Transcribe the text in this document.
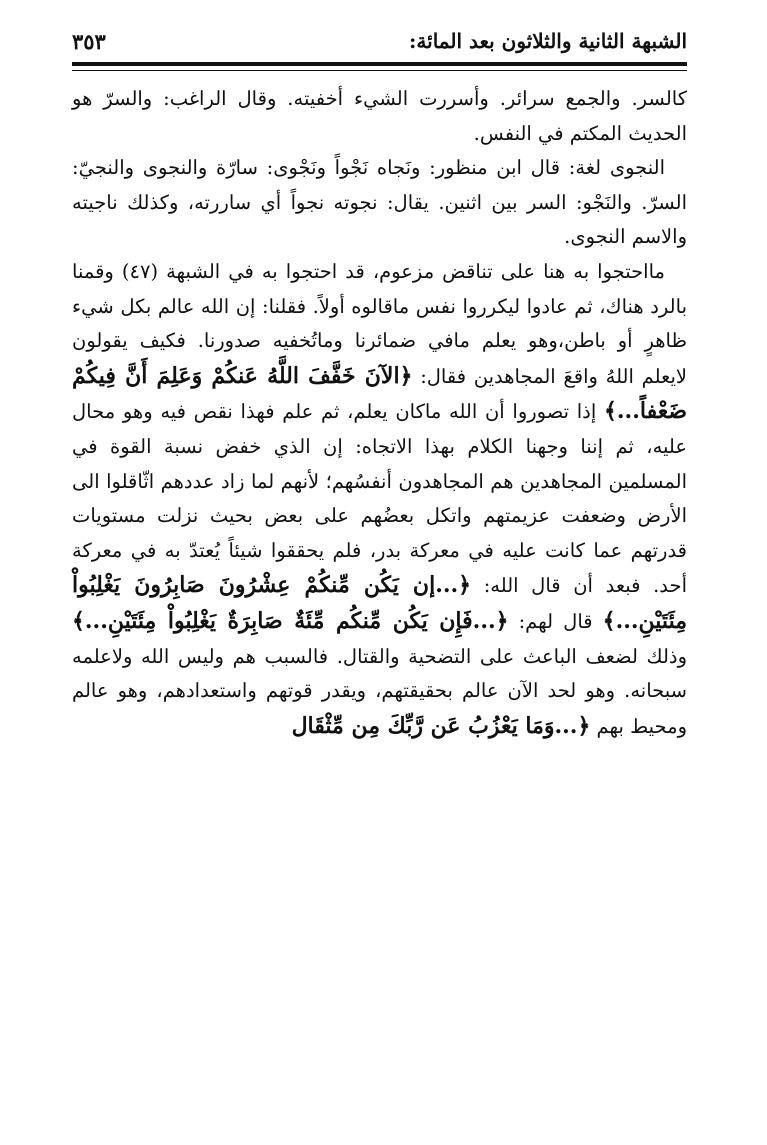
الشبهة الثانية والثلاثون بعد المائة:
٣٥٣

كالسر. والجمع سرائر. وأسررت الشيء أخفيته. وقال الراغب: والسرّ هو الحديث المكتم في النفس.

النجوى لغة: قال ابن منظور: ونَجاه نَجْواً ونَجْوى: سارّة والنجوى والنجيّ: السرّ. والنَجْو: السر بين اثنين. يقال: نجوته نجواً أي ساررته، وكذلك ناجيته والاسم النجوى.

مااحتجوا به هنا على تناقض مزعوم، قد احتجوا به في الشبهة (٤٧) وقمنا بالرد هناك، ثم عادوا ليكرروا نفس ماقالوه أولاً. فقلنا: إن الله عالم بكل شيء ظاهرٍ أو باطن،وهو يعلم مافي ضمائرنا وماتُخفيه صدورنا. فكيف يقولون لايعلم اللهُ واقعَ المجاهدين فقال: ﴿الآنَ خَفَّفَ اللَّهُ عَنكُمْ وَعَلِمَ أَنَّ فِيكُمْ ضَعْفاً...﴾ إذا تصوروا أن الله ماكان يعلم، ثم علم فهذا نقص فيه وهو محال عليه، ثم إننا وجهنا الكلام بهذا الاتجاه: إن الذي خفض نسبة القوة في المسلمين المجاهدين هم المجاهدون أنفسُهم؛ لأنهم لما زاد عددهم اثّاقلوا الى الأرض وضعفت عزيمتهم واتكل بعضُهم على بعض بحيث نزلت مستويات قدرتهم عما كانت عليه في معركة بدر، فلم يحققوا شيئاً يُعتدّ به في معركة أحد. فبعد أن قال الله: ﴿...إن يَكُن مِّنكُمْ عِشْرُونَ صَابِرُونَ يَغْلِبُواْ مِئَتَيْنِ...﴾ قال لهم: ﴿...فَإِن يَكُن مِّنكُم مِّئَةٌ صَابِرَةٌ يَغْلِبُواْ مِئَتَيْنِ...﴾ وذلك لضعف الباعث على التضحية والقتال. فالسبب هم وليس الله ولاعلمه سبحانه. وهو لحد الآن عالم بحقيقتهم، ويقدر قوتهم واستعدادهم، وهو عالم ومحيط بهم ﴿...وَمَا يَعْزُبُ عَن رَّبِّكَ مِن مِّثْقَال
